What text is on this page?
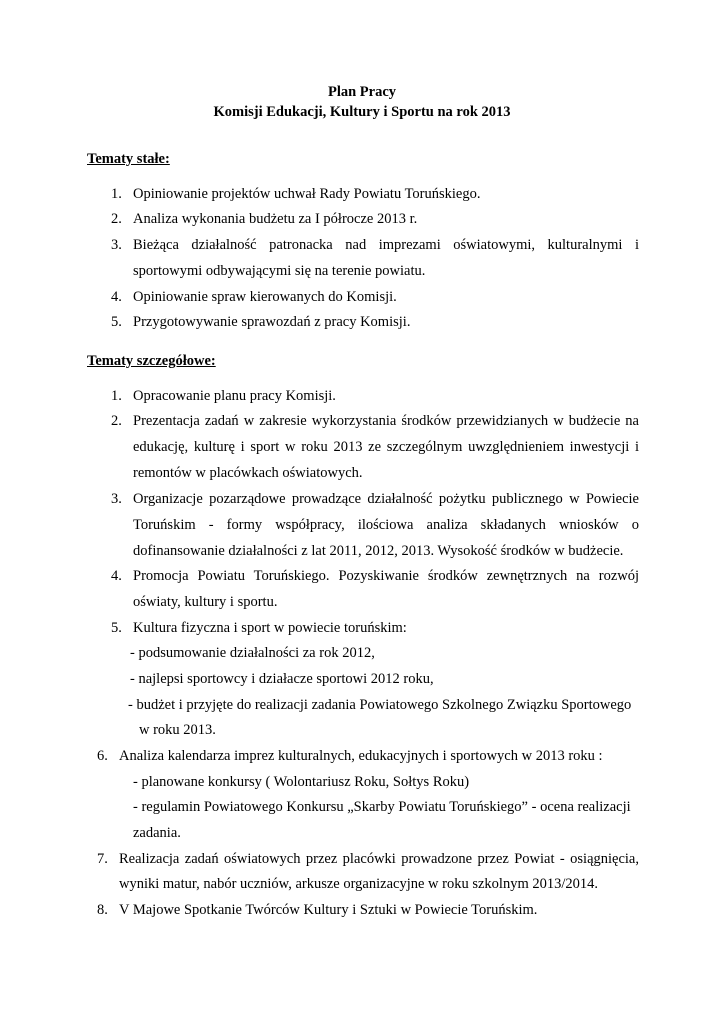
Plan Pracy
Komisji Edukacji, Kultury i Sportu na rok 2013
Tematy stałe:
1. Opiniowanie projektów uchwał Rady Powiatu Toruńskiego.
2. Analiza wykonania budżetu za I półrocze 2013 r.
3. Bieżąca działalność patronacka nad imprezami oświatowymi, kulturalnymi i
sportowymi odbywającymi się na terenie powiatu.
4. Opiniowanie spraw kierowanych do Komisji.
5. Przygotowywanie sprawozdań z pracy Komisji.
Tematy szczegółowe:
1. Opracowanie planu pracy Komisji.
2. Prezentacja zadań w zakresie wykorzystania środków przewidzianych w budżecie na
edukację, kulturę i sport w roku 2013 ze szczególnym uwzględnieniem inwestycji i
remontów w placówkach oświatowych.
3. Organizacje pozarządowe prowadzące działalność pożytku publicznego w Powiecie
Toruńskim - formy współpracy, ilościowa analiza składanych wniosków o
dofinansowanie działalności z lat 2011, 2012, 2013. Wysokość środków w budżecie.
4. Promocja Powiatu Toruńskiego. Pozyskiwanie środków zewnętrznych na rozwój
oświaty, kultury i sportu.
5. Kultura fizyczna i sport w powiecie toruńskim:
- podsumowanie działalności za rok 2012,
- najlepsi sportowcy i działacze sportowi 2012 roku,
- budżet i przyjęte do realizacji zadania Powiatowego Szkolnego Związku Sportowego
w roku 2013.
6. Analiza kalendarza imprez kulturalnych, edukacyjnych i sportowych w 2013 roku :
- planowane konkursy ( Wolontariusz Roku, Sołtys Roku)
- regulamin Powiatowego Konkursu „Skarby Powiatu Toruńskiego” - ocena realizacji
zadania.
7. Realizacja zadań oświatowych przez placówki prowadzone przez Powiat - osiągnięcia,
wyniki matur, nabór uczniów, arkusze organizacyjne w roku szkolnym 2013/2014.
8. V Majowe Spotkanie Twórców Kultury i Sztuki w Powiecie Toruńskim.
